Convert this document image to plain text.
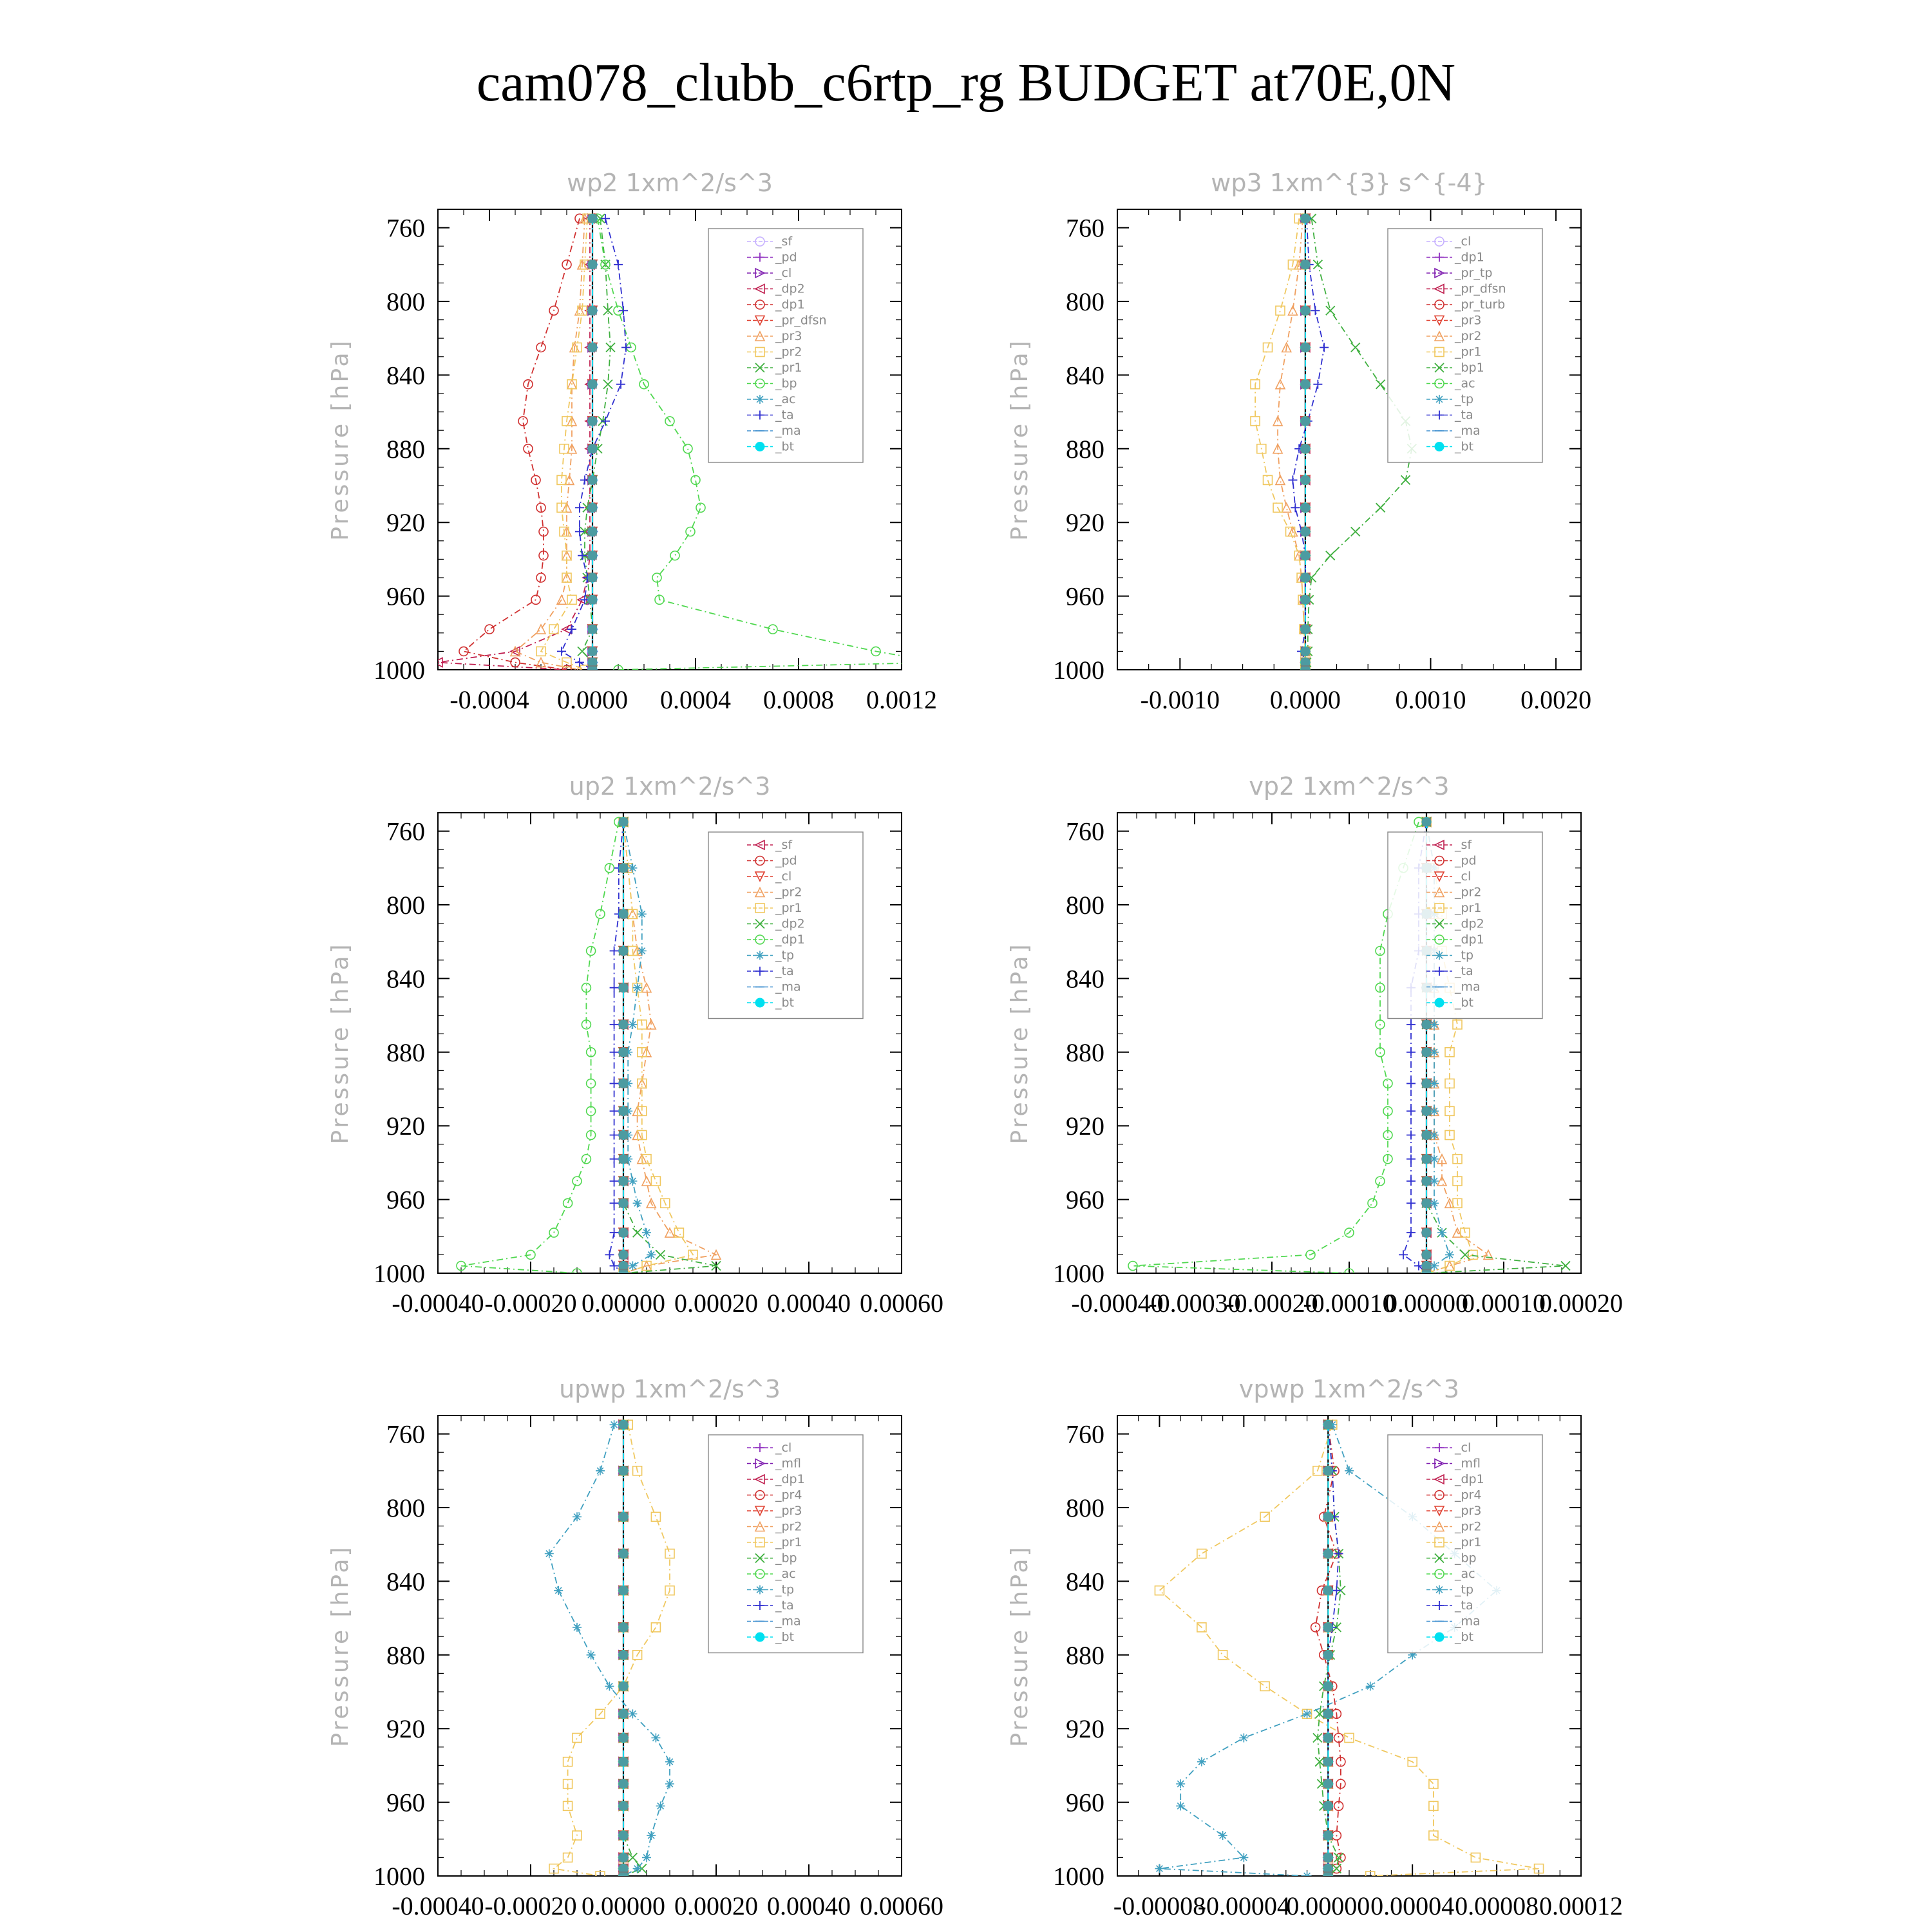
cam078_clubb_c6rtp_rg BUDGET at70E,0N
wp2 1xm^2/s^3
Pressure [hPa]
760
800
840
880
920
960
1000
-0.0004 0.0000 0.0004 0.0008 0.0012
_sf
_pd
_cl
_dp2
_dp1
_pr_dfsn
_pr3
_pr2
_pr1
_bp
_ac
_ta
_ma
_bt
wp3 1xm^{3} s^{-4}
Pressure [hPa]
760
800
840
880
920
960
1000
-0.0010 0.0000 0.0010 0.0020
_cl
_dp1
_pr_tp
_pr_dfsn
_pr_turb
_pr3
_pr2
_pr1
_bp1
_ac
_tp
_ta
_ma
_bt
up2 1xm^2/s^3
Pressure [hPa]
760
800
840
880
920
960
1000
-0.00040 -0.00020 0.00000 0.00020 0.00040 0.00060
_sf
_pd
_cl
_pr2
_pr1
_dp2
_dp1
_tp
_ta
_ma
_bt
vp2 1xm^2/s^3
Pressure [hPa]
760
800
840
880
920
960
1000
-0.00040
-0.00030
-0.00020
-0.00010
0.00000
0.00010
0.00020
_sf
_pd
_cl
_pr2
_pr1
_dp2
_dp1
_tp
_ta
_ma
_bt
upwp 1xm^2/s^3
Pressure [hPa]
760
800
840
880
920
960
1000
-0.00040 -0.00020 0.00000 0.00020 0.00040 0.00060
_cl
_mfl
_dp1
_pr4
_pr3
_pr2
_pr1
_bp
_ac
_tp
_ta
_ma
_bt
vpwp 1xm^2/s^3
Pressure [hPa]
760
800
840
880
920
960
1000
-0.00008
-0.00004
0.00000 0.00004 0.00008 0.00012
_cl
_mfl
_dp1
_pr4
_pr3
_pr2
_pr1
_bp
_ac
_tp
_ta
_ma
_bt
